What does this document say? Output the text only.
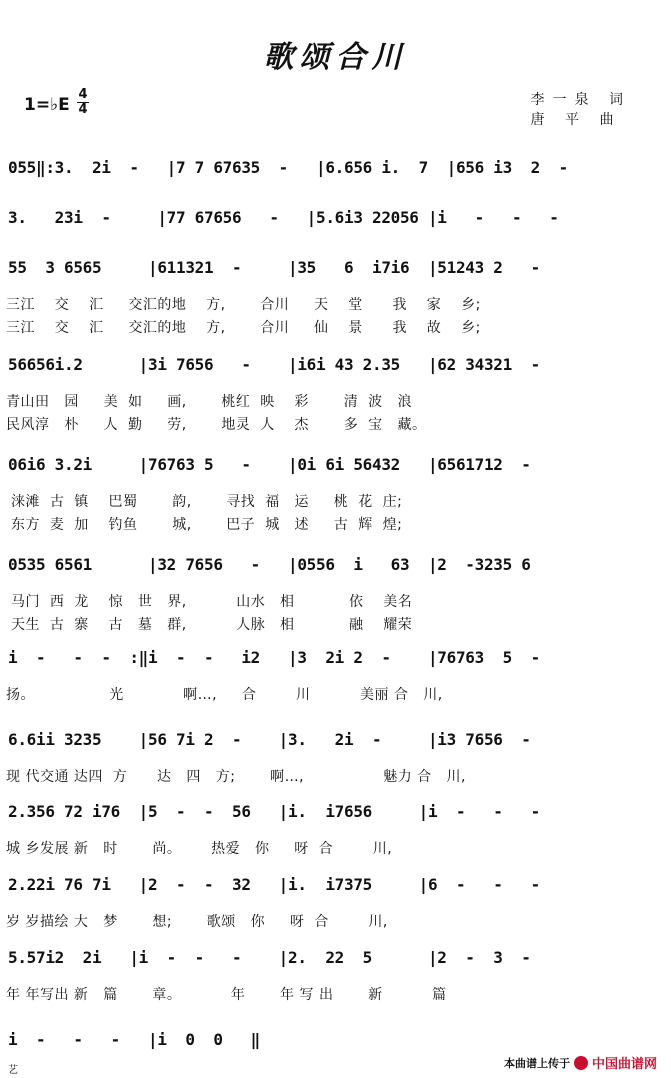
歌颂合川
1=♭E
4
4
李一泉 词
唐 平 曲
055‖:3.  2i  -   |7 7 67635  -   |6.656 i.  7  |656 i3  2  -
3.   23i  -     |77 67656   -   |5.6i3 22056 |i   -   -   -
55  3 6565     |611321  -     |35   6  i7i6  |51243 2   -
三江    交    汇     交汇的地    方,       合川     天    堂      我    家    乡;
三江    交    汇     交汇的地    方,       合川     仙    景      我    故    乡;
56656i.2      |3i 7656   -    |i6i 43 2.35   |62 34321  -
青山田   园     美  如     画,       桃红  映    彩       清  波   浪
民风淳   朴     人  勤     劳,       地灵  人    杰       多  宝   藏。
06i6 3.2i     |76763 5   -    |0i 6i 56432   |6561712  -
涞滩  古  镇    巴蜀       韵,       寻找  福   运     桃  花  庄;
东方  麦  加    钓鱼       城,       巴子  城   述     古  辉  煌;
0535 6561      |32 7656   -   |0556  i   63  |2  -3235 6
马门  西  龙    惊   世   界,          山水   相           依    美名
天生  古  寨    古   墓   群,          人脉   相           融    耀荣
i  -   -  -  :‖i  -  -   i2   |3  2i 2  -    |76763  5  -
扬。               光            啊…,     合        川          美丽 合   川,
6.6ii 3235    |56 7i 2  -    |3.   2i  -     |i3 7656  -
现 代交通 达四  方      达   四   方;       啊…,                魅力 合   川,
2.356 72 i76  |5  -  -  56   |i.  i7656     |i  -   -   -
城 乡发展 新   时       尚。      热爱   你     呀  合        川,
2.22i 76 7i   |2  -  -  32   |i.  i7375     |6  -   -   -
岁 岁描绘 大   梦       想;       歌颂   你     呀  合        川,
5.57i2  2i   |i  -  -   -    |2.  22  5      |2  -  3  -
年 年写出 新   篇       章。          年       年 写 出       新          篇
i  -   -   -   |i  0  0   ‖
本曲谱上传于 中国曲谱网
艺
